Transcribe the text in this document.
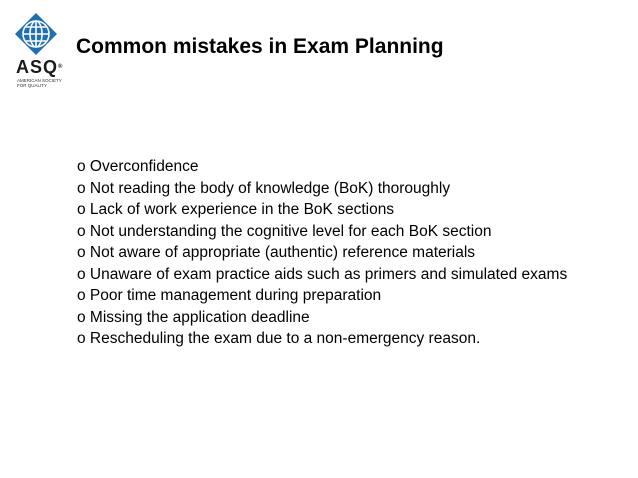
ASQ®
AMERICAN SOCIETY
FOR QUALITY
Common mistakes in Exam Planning
o Overconfidence
o Not reading the body of knowledge (BoK) thoroughly
o Lack of work experience in the BoK sections
o Not understanding the cognitive level for each BoK section
o Not aware of appropriate (authentic) reference materials
o Unaware of exam practice aids such as primers and simulated exams
o Poor time management during preparation
o Missing the application deadline
o Rescheduling the exam due to a non-emergency reason.
